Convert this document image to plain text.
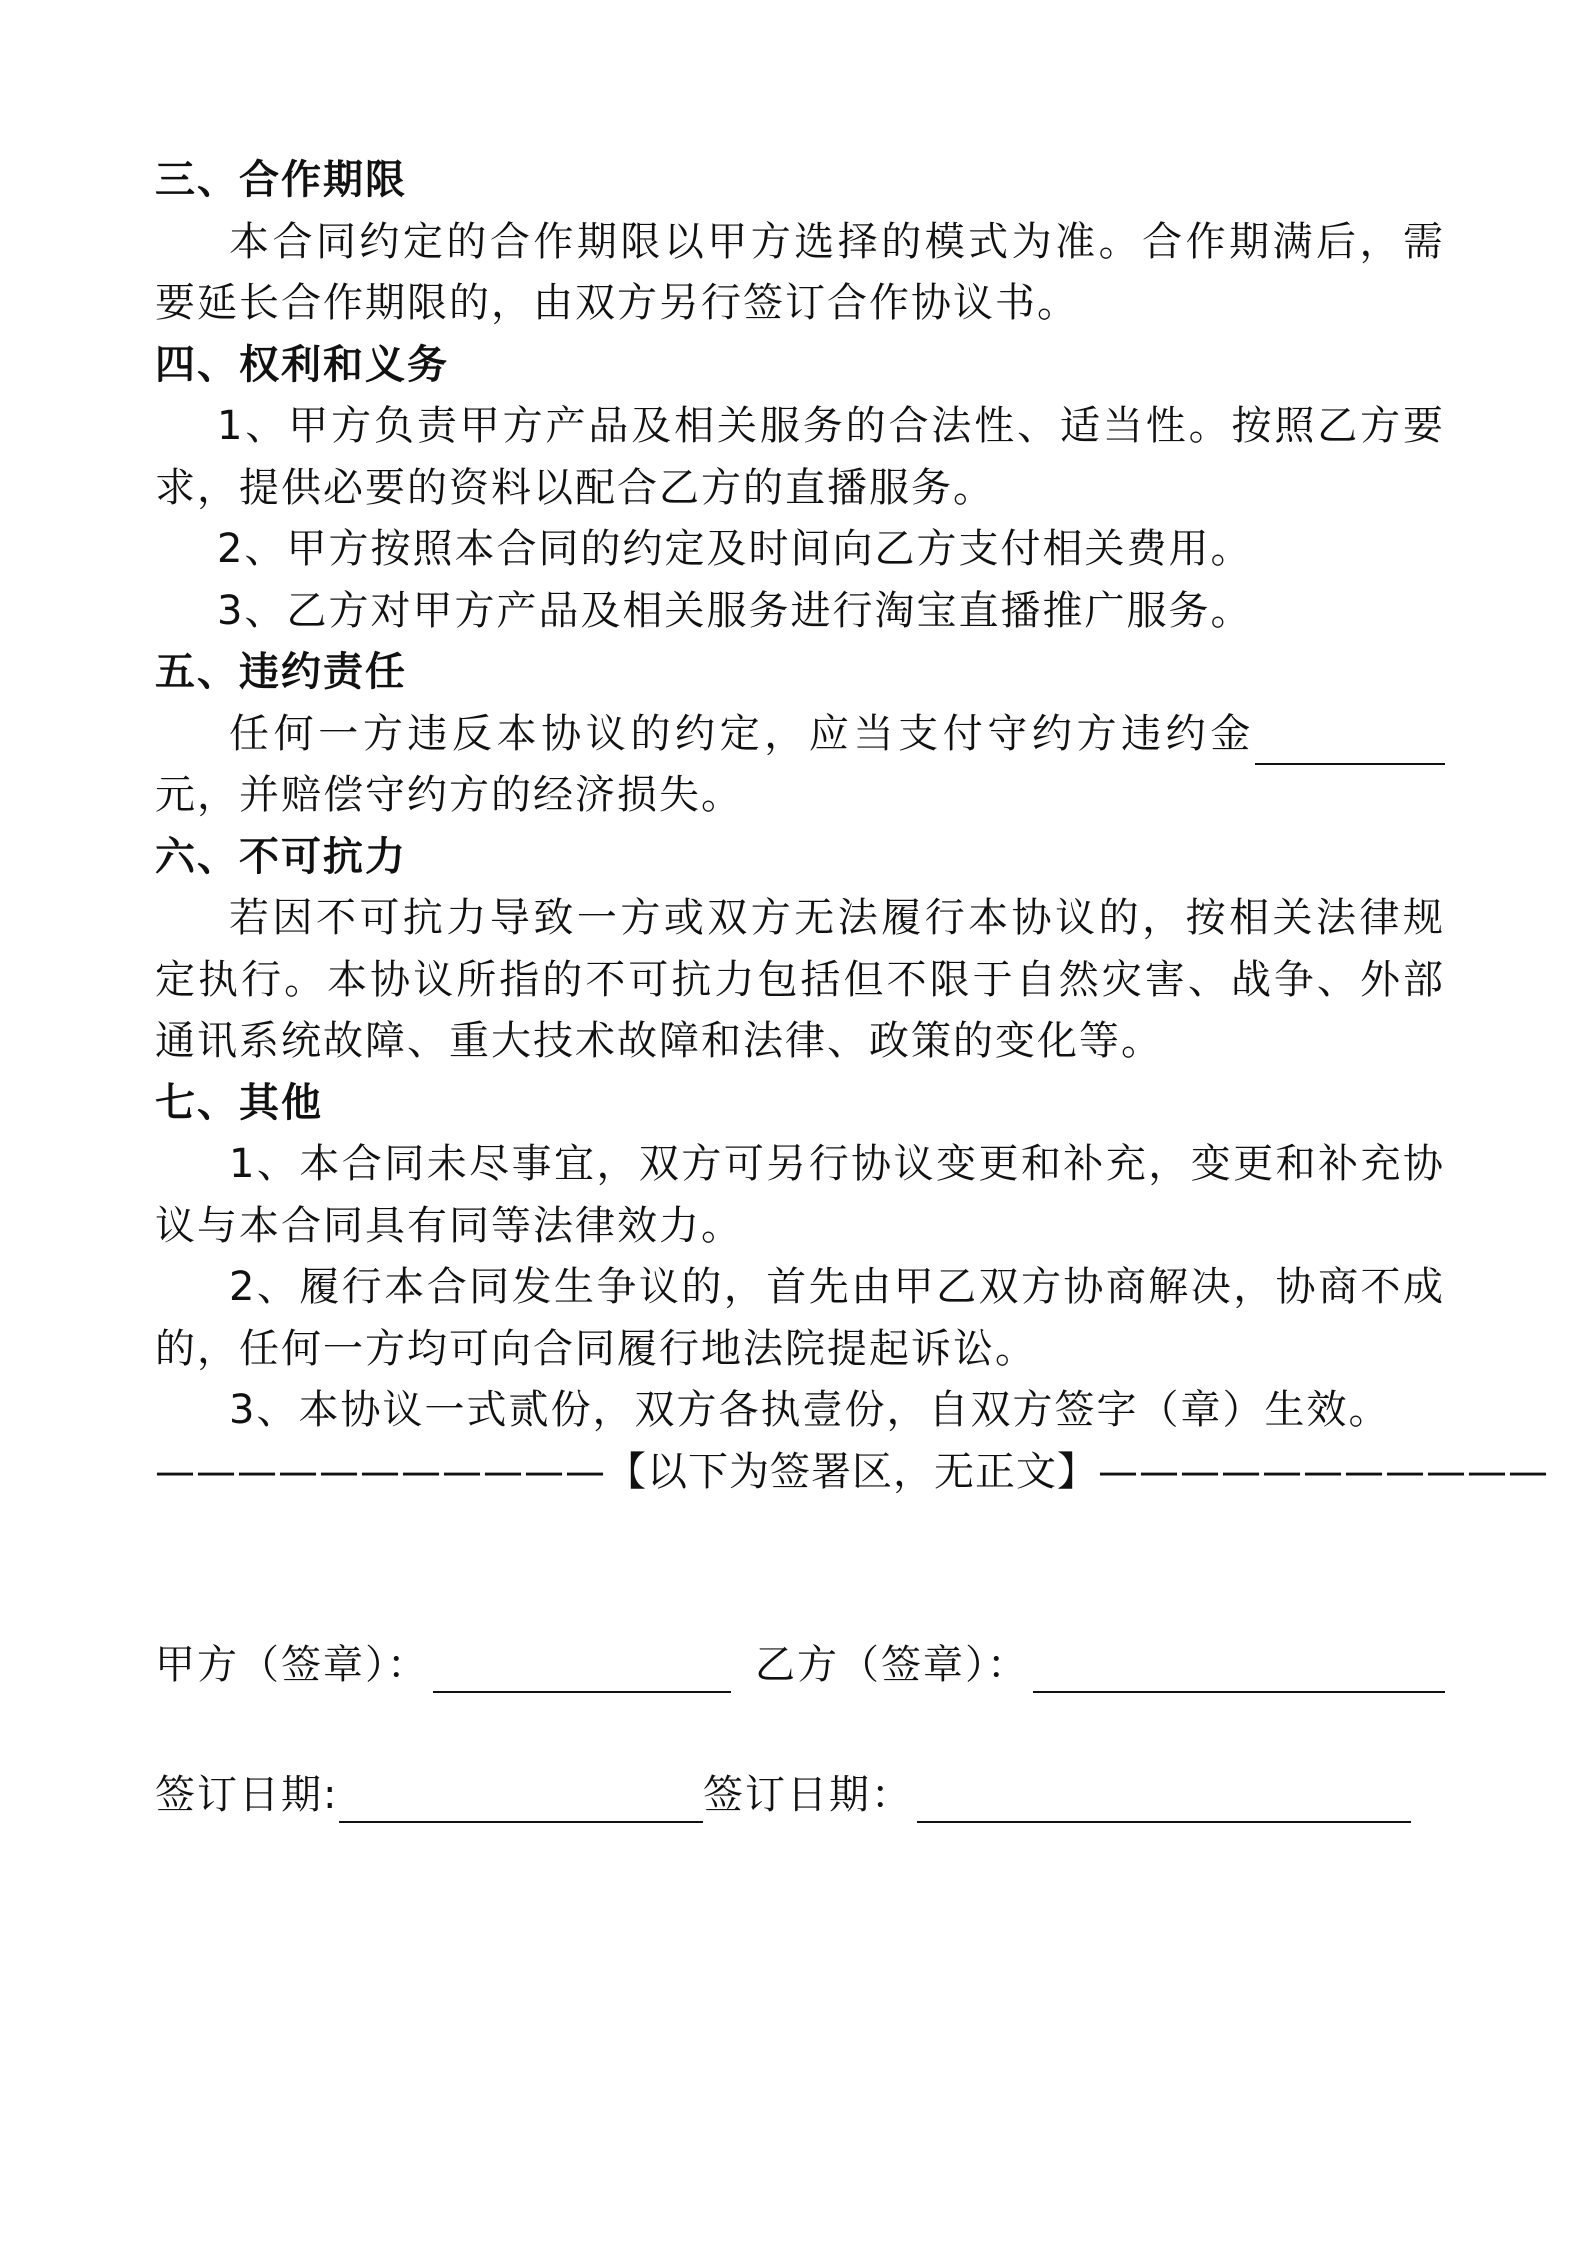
三、合作期限
本合同约定的合作期限以甲方选择的模式为准。合作期满后，需要延长合作期限的，由双方另行签订合作协议书。
四、权利和义务
1、甲方负责甲方产品及相关服务的合法性、适当性。按照乙方要求，提供必要的资料以配合乙方的直播服务。
2、甲方按照本合同的约定及时间向乙方支付相关费用。
3、乙方对甲方产品及相关服务进行淘宝直播推广服务。
五、违约责任
任何一方违反本协议的约定，应当支付守约方违约金元，并赔偿守约方的经济损失。
六、不可抗力
若因不可抗力导致一方或双方无法履行本协议的，按相关法律规定执行。本协议所指的不可抗力包括但不限于自然灾害、战争、外部通讯系统故障、重大技术故障和法律、政策的变化等。
七、其他
1、本合同未尽事宜，双方可另行协议变更和补充，变更和补充协议与本合同具有同等法律效力。
2、履行本合同发生争议的，首先由甲乙双方协商解决，协商不成的，任何一方均可向合同履行地法院提起诉讼。
3、本协议一式贰份，双方各执壹份，自双方签字（章）生效。
———————————【以下为签署区，无正文】———————————
甲方（签章）：	乙方（签章）：
签订日期:	签订日期：
